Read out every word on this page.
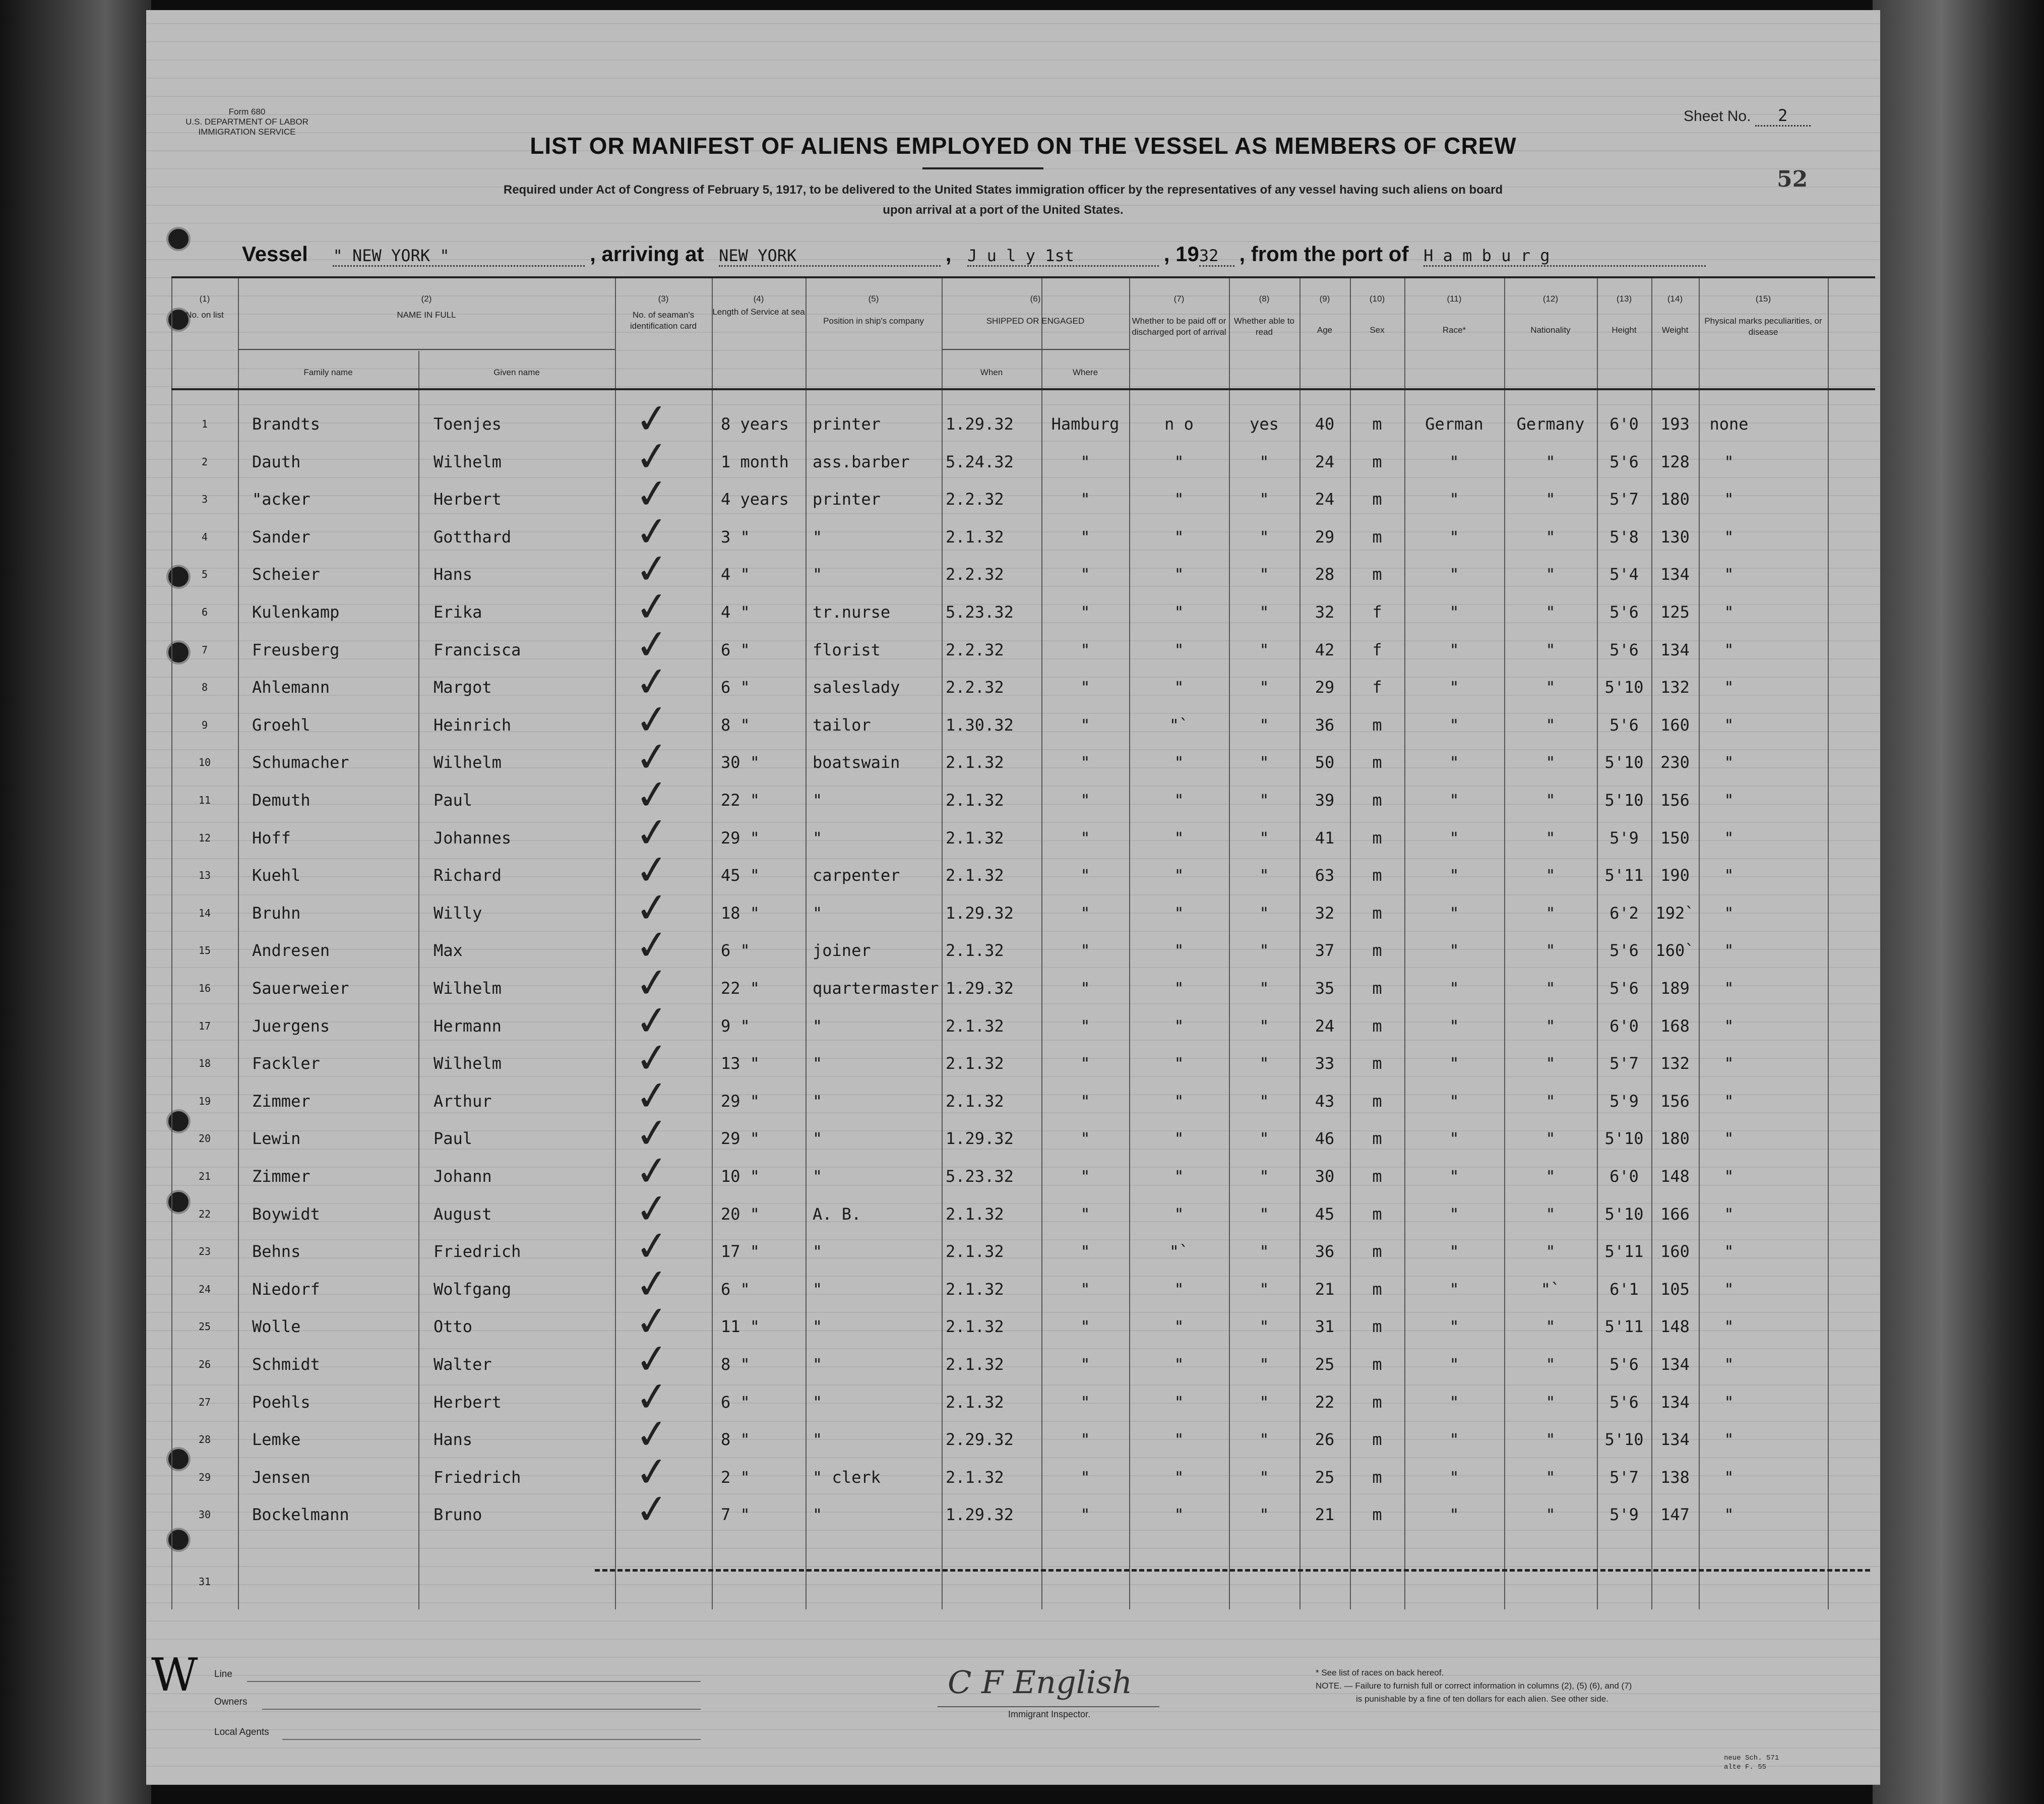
Form 680
U.S. DEPARTMENT OF LABOR
IMMIGRATION SERVICE
Sheet No. 2
LIST OR MANIFEST OF ALIENS EMPLOYED ON THE VESSEL AS MEMBERS OF CREW
Required under Act of Congress of February 5, 1917, to be delivered to the United States immigration officer by the representatives of any vessel having such aliens on board
upon arrival at a port of the United States.
52
Vessel " NEW YORK "	, arriving at NEW YORK	, J u l y 1st	, 1932 , from the port of H a m b u r g
(1)
No. on list
(2)
NAME IN FULL
Family name	Given name
(3)
No. of seaman's identification card
(4)
Length of Service at sea
(5)
Position in ship's company
(6)
SHIPPED OR ENGAGED
When	Where
(7)
Whether to be paid off or discharged port of arrival
(8)
Whether able to read
(9)
Age
(10)
Sex
(11)
Race*
(12)
Nationality
(13)
Height
(14)
Weight
(15)
Physical marks peculiarities, or disease
1	Brandts	Toenjes	8 years	printer	1.29.32	Hamburg	n o	yes	40	m	German	Germany	6'0	193	none
✓
2	Dauth	Wilhelm	1 month	ass.barber	5.24.32	"	"	"	24	m	"	"	5'6	128	"
✓
3	"acker	Herbert	4 years	printer	2.2.32	"	"	"	24	m	"	"	5'7	180	"
✓
4	Sander	Gotthard	3 "	"	2.1.32	"	"	"	29	m	"	"	5'8	130	"
✓
5	Scheier	Hans	4 "	"	2.2.32	"	"	"	28	m	"	"	5'4	134	"
✓
6	Kulenkamp	Erika	4 "	tr.nurse	5.23.32	"	"	"	32	f	"	"	5'6	125	"
✓
7	Freusberg	Francisca	6 "	florist	2.2.32	"	"	"	42	f	"	"	5'6	134	"
✓
8	Ahlemann	Margot	6 "	saleslady	2.2.32	"	"	"	29	f	"	"	5'10	132	"
✓
9	Groehl	Heinrich	8 "	tailor	1.30.32	"	"`	"	36	m	"	"	5'6	160	"
✓
10	Schumacher	Wilhelm	30 "	boatswain	2.1.32	"	"	"	50	m	"	"	5'10	230	"
✓
11	Demuth	Paul	22 "	"	2.1.32	"	"	"	39	m	"	"	5'10	156	"
✓
12	Hoff	Johannes	29 "	"	2.1.32	"	"	"	41	m	"	"	5'9	150	"
✓
13	Kuehl	Richard	45 "	carpenter	2.1.32	"	"	"	63	m	"	"	5'11	190	"
✓
14	Bruhn	Willy	18 "	"	1.29.32	"	"	"	32	m	"	"	6'2	192`	"
✓
15	Andresen	Max	6 "	joiner	2.1.32	"	"	"	37	m	"	"	5'6	160`	"
✓
16	Sauerweier	Wilhelm	22 "	quartermaster 1.29.32	"	"	"	35	m	"	"	5'6	189	"
✓
17	Juergens	Hermann	9 "	"	2.1.32	"	"	"	24	m	"	"	6'0	168	"
✓
18	Fackler	Wilhelm	13 "	"	2.1.32	"	"	"	33	m	"	"	5'7	132	"
✓
19	Zimmer	Arthur	29 "	"	2.1.32	"	"	"	43	m	"	"	5'9	156	"
✓
20	Lewin	Paul	29 "	"	1.29.32	"	"	"	46	m	"	"	5'10	180	"
✓
21	Zimmer	Johann	10 "	"	5.23.32	"	"	"	30	m	"	"	6'0	148	"
✓
22	Boywidt	August	20 "	A. B.	2.1.32	"	"	"	45	m	"	"	5'10	166	"
✓
23	Behns	Friedrich	17 "	"	2.1.32	"	"`	"	36	m	"	"	5'11	160	"
✓
24	Niedorf	Wolfgang	6 "	"	2.1.32	"	"	"	21	m	"	"`	6'1	105	"
✓
25	Wolle	Otto	11 "	"	2.1.32	"	"	"	31	m	"	"	5'11	148	"
✓
26	Schmidt	Walter	8 "	"	2.1.32	"	"	"	25	m	"	"	5'6	134	"
✓
27	Poehls	Herbert	6 "	"	2.1.32	"	"	"	22	m	"	"	5'6	134	"
✓
28	Lemke	Hans	8 "	"	2.29.32	"	"	"	26	m	"	"	5'10	134	"
✓
29	Jensen	Friedrich	2 "	" clerk	2.1.32	"	"	"	25	m	"	"	5'7	138	"
✓
30	Bockelmann	Bruno	7 "	"	1.29.32	"	"	"	21	m	"	"	5'9	147	"
✓
31
W Line
Owners
Local Agents
C F English
Immigrant Inspector.
* See list of races on back hereof.
NOTE. — Failure to furnish full or correct information in columns (2), (5) (6), and (7)
is punishable by a fine of ten dollars for each alien. See other side.
neue Sch. 571
alte F. 55
